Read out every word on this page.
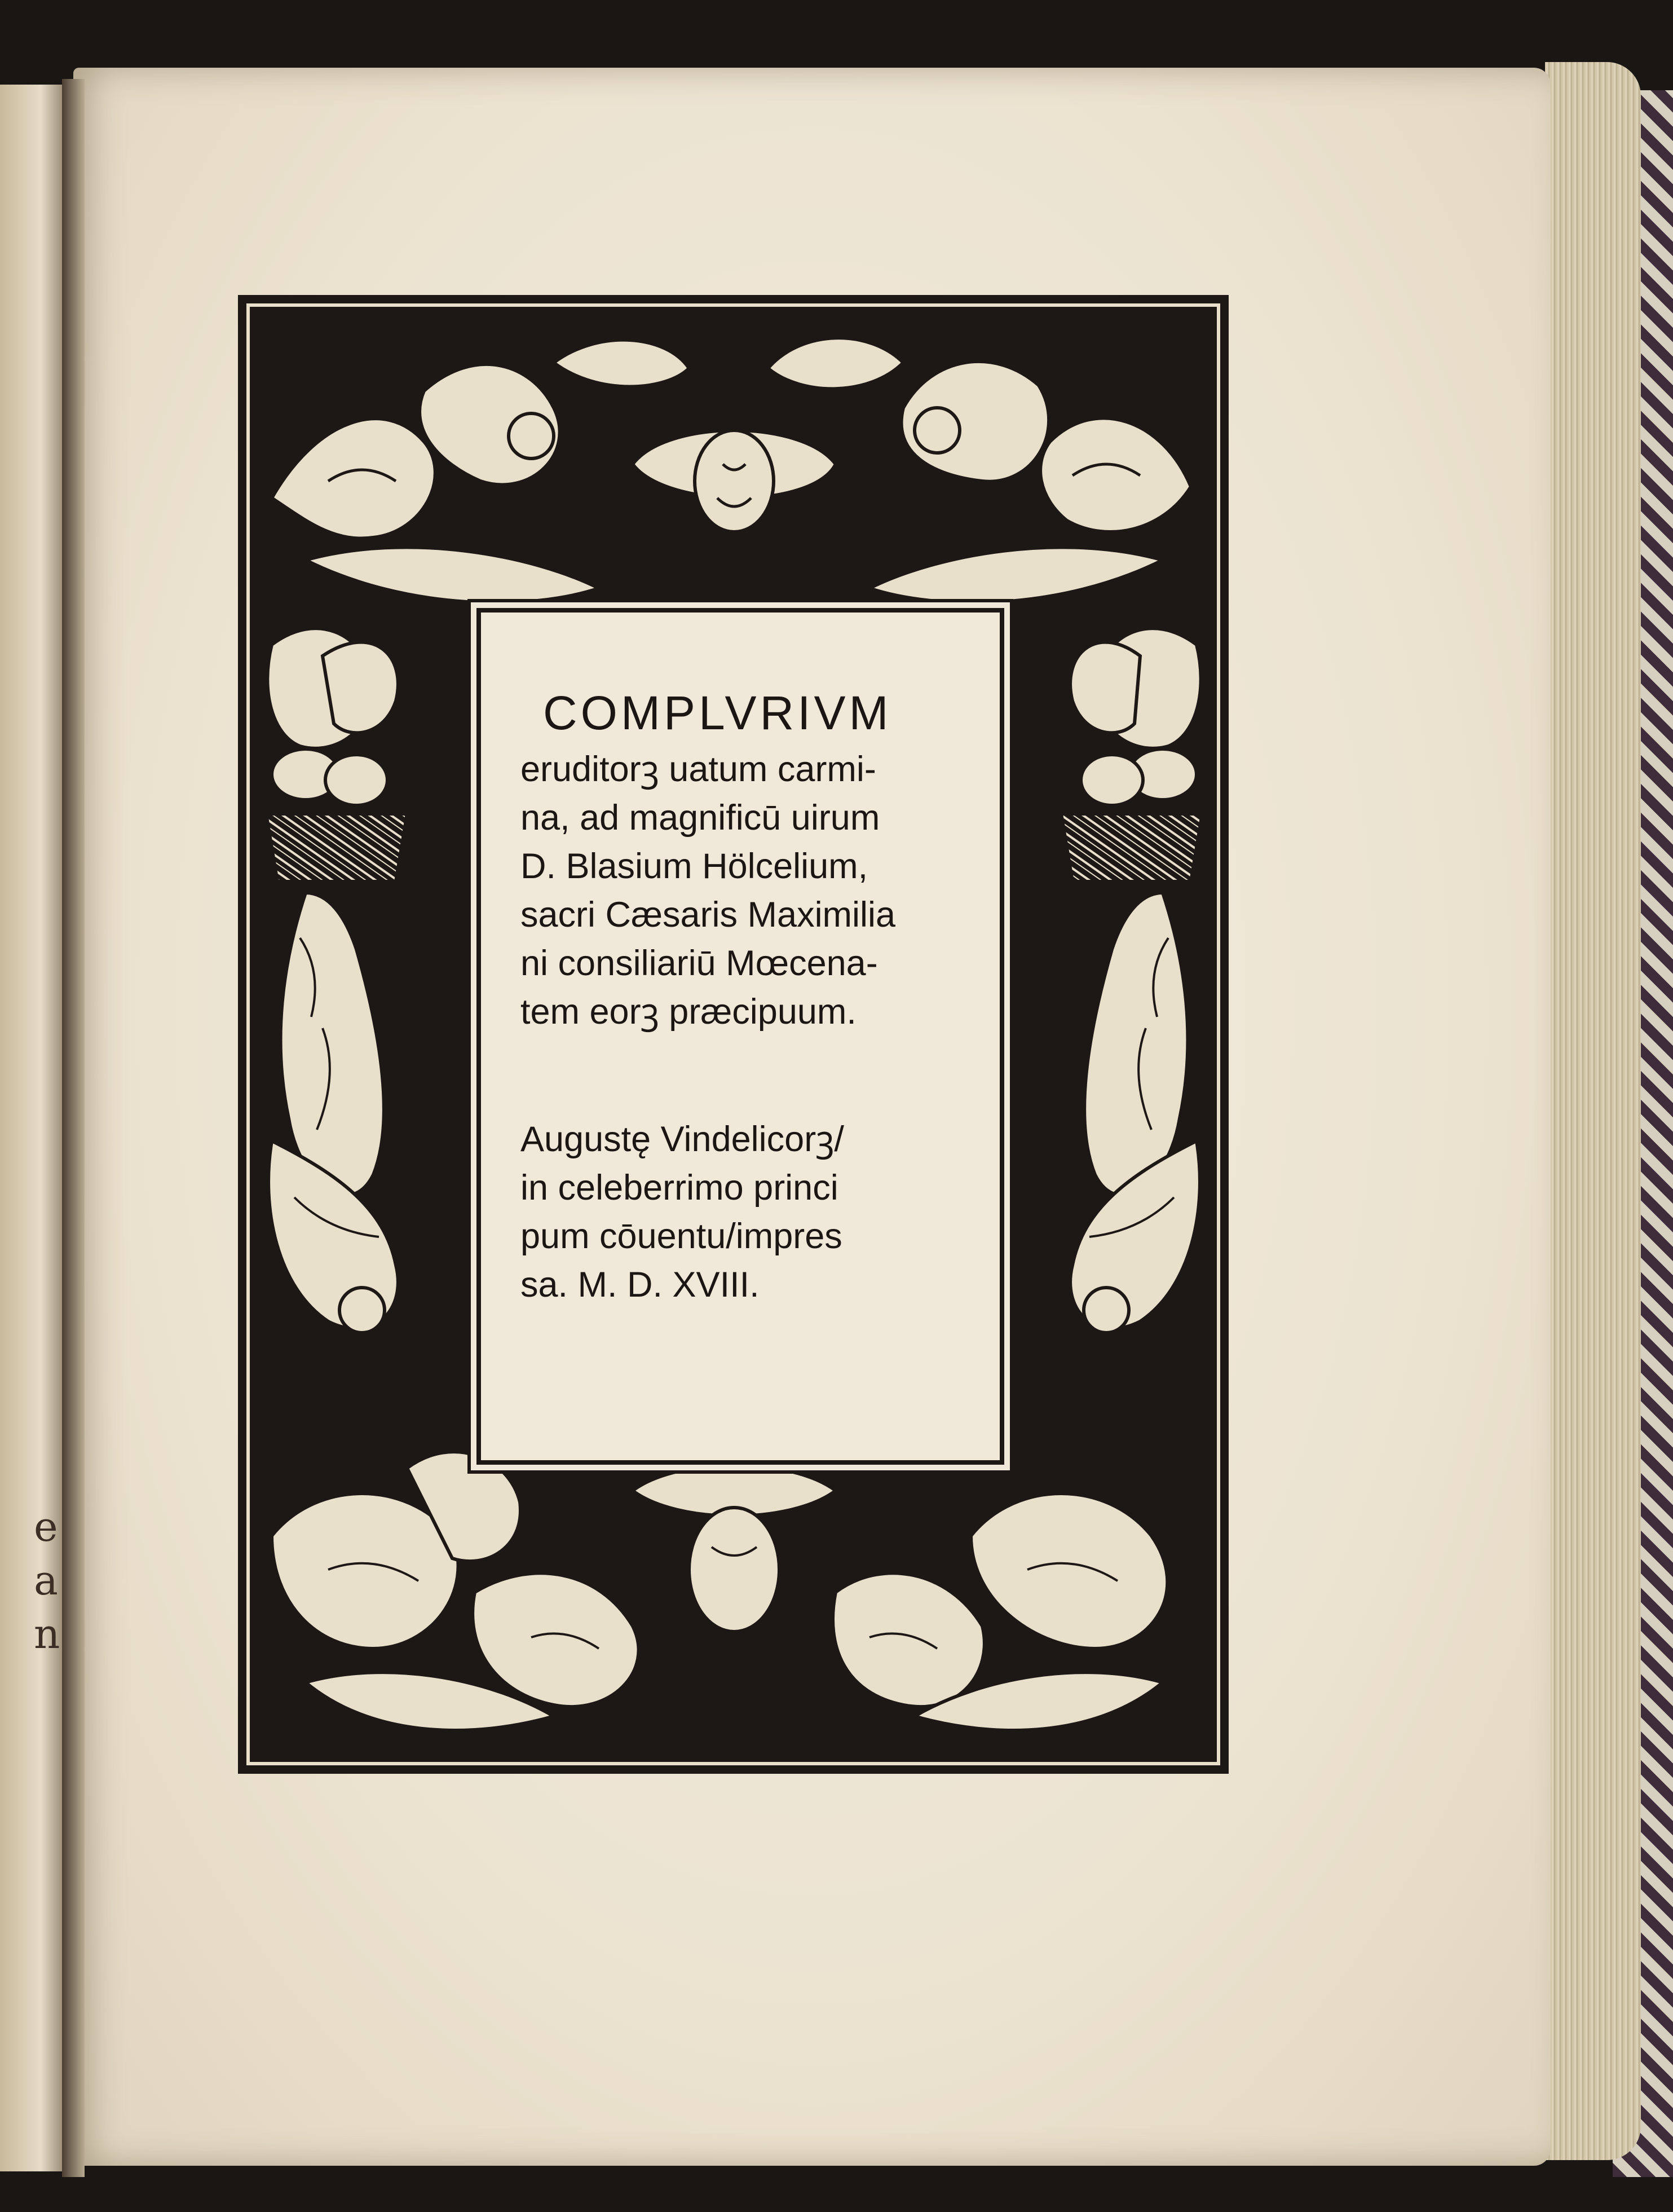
e
a
n

COMPLVRIVM

eruditorꝫ uatum carmi-

na, ad magnificū uirum

D. Blasium Hölcelium,

sacri Cæsaris Maximilia

ni consiliariū Mœcena-

tem eorꝫ præcipuum.

Augustę Vindelicorꝫ/

in celeberrimo princi

pum cōuentu/impres

sa. M. D. XVIII.
